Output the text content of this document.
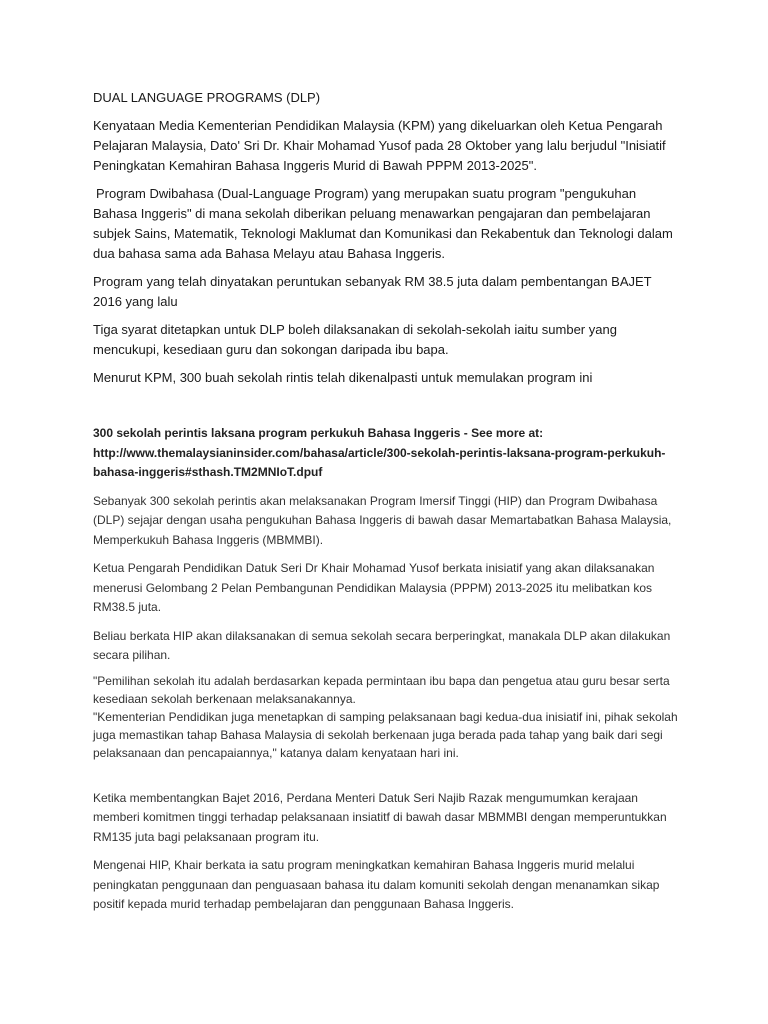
DUAL LANGUAGE PROGRAMS (DLP)

Kenyataan Media Kementerian Pendidikan Malaysia (KPM) yang dikeluarkan oleh Ketua Pengarah Pelajaran Malaysia, Dato' Sri Dr. Khair Mohamad Yusof pada 28 Oktober yang lalu berjudul "Inisiatif Peningkatan Kemahiran Bahasa Inggeris Murid di Bawah PPPM 2013-2025".

Program Dwibahasa (Dual-Language Program) yang merupakan suatu program "pengukuhan Bahasa Inggeris" di mana sekolah diberikan peluang menawarkan pengajaran dan pembelajaran subjek Sains, Matematik, Teknologi Maklumat dan Komunikasi dan Rekabentuk dan Teknologi dalam dua bahasa sama ada Bahasa Melayu atau Bahasa Inggeris.

Program yang telah dinyatakan peruntukan sebanyak RM 38.5 juta dalam pembentangan BAJET 2016 yang lalu

Tiga syarat ditetapkan untuk DLP boleh dilaksanakan di sekolah-sekolah iaitu sumber yang mencukupi, kesediaan guru dan sokongan daripada ibu bapa.

Menurut KPM, 300 buah sekolah rintis telah dikenalpasti untuk memulakan program ini

300 sekolah perintis laksana program perkukuh Bahasa Inggeris - See more at: http://www.themalaysianinsider.com/bahasa/article/300-sekolah-perintis-laksana-program-perkukuh-bahasa-inggeris#sthash.TM2MNIoT.dpuf

Sebanyak 300 sekolah perintis akan melaksanakan Program Imersif Tinggi (HIP) dan Program Dwibahasa (DLP) sejajar dengan usaha pengukuhan Bahasa Inggeris di bawah dasar Memartabatkan Bahasa Malaysia, Memperkukuh Bahasa Inggeris (MBMMBI).

Ketua Pengarah Pendidikan Datuk Seri Dr Khair Mohamad Yusof berkata inisiatif yang akan dilaksanakan menerusi Gelombang 2 Pelan Pembangunan Pendidikan Malaysia (PPPM) 2013-2025 itu melibatkan kos RM38.5 juta.

Beliau berkata HIP akan dilaksanakan di semua sekolah secara berperingkat, manakala DLP akan dilakukan secara pilihan.

"Pemilihan sekolah itu adalah berdasarkan kepada permintaan ibu bapa dan pengetua atau guru besar serta kesediaan sekolah berkenaan melaksanakannya.

"Kementerian Pendidikan juga menetapkan di samping pelaksanaan bagi kedua-dua inisiatif ini, pihak sekolah juga memastikan tahap Bahasa Malaysia di sekolah berkenaan juga berada pada tahap yang baik dari segi pelaksanaan dan pencapaiannya," katanya dalam kenyataan hari ini.

Ketika membentangkan Bajet 2016, Perdana Menteri Datuk Seri Najib Razak mengumumkan kerajaan memberi komitmen tinggi terhadap pelaksanaan insiatitf di bawah dasar MBMMBI dengan memperuntukkan RM135 juta bagi pelaksanaan program itu.

Mengenai HIP, Khair berkata ia satu program meningkatkan kemahiran Bahasa Inggeris murid melalui peningkatan penggunaan dan penguasaan bahasa itu dalam komuniti sekolah dengan menanamkan sikap positif kepada murid terhadap pembelajaran dan penggunaan Bahasa Inggeris.
